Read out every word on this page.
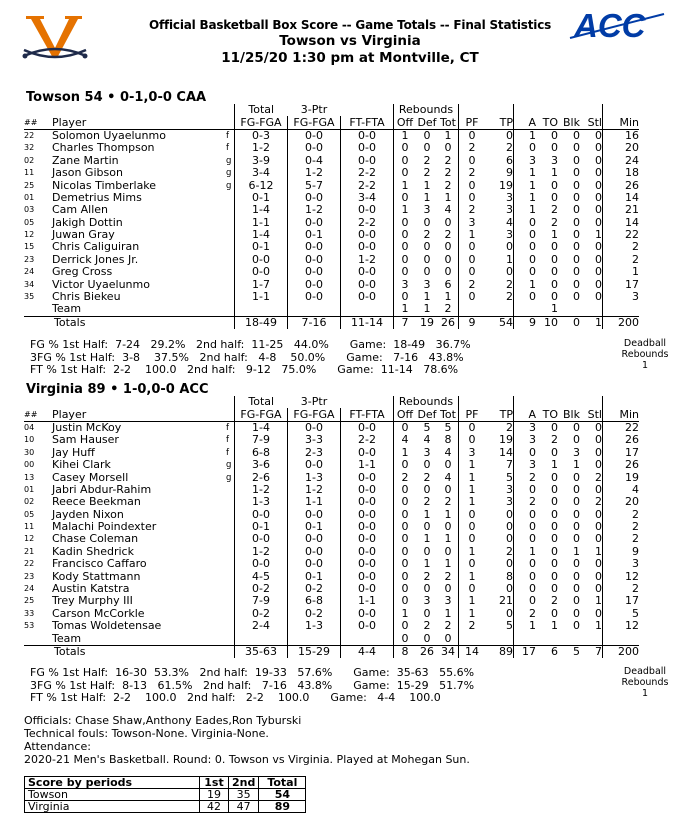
Official Basketball Box Score -- Game Totals -- Final Statistics
Towson vs Virginia
11/25/20 1:30 pm at Montville, CT
ACC
Towson 54 • 0-1,0-0 CAA
			Total	3-Ptr		Rebounds									
##	Player		FG-FGA	FG-FGA	FT-FTA	Off	Def	Tot	PF	TP	A	TO	Blk	Stl	Min
22	Solomon Uyaelunmo	f	0-3	0-0	0-0	1	0	1	0	0	1	0	0	0	16
32	Charles Thompson	f	1-2	0-0	0-0	0	0	0	2	2	0	0	0	0	20
02	Zane Martin	g	3-9	0-4	0-0	0	2	2	0	6	3	3	0	0	24
11	Jason Gibson	g	3-4	1-2	2-2	0	2	2	2	9	1	1	0	0	18
25	Nicolas Timberlake	g	6-12	5-7	2-2	1	1	2	0	19	1	0	0	0	26
01	Demetrius Mims		0-1	0-0	3-4	0	1	1	0	3	1	0	0	0	14
03	Cam Allen		1-4	1-2	0-0	1	3	4	2	3	1	2	0	0	21
05	Jakigh Dottin		1-1	0-0	2-2	0	0	0	3	4	0	2	0	0	14
12	Juwan Gray		1-4	0-1	0-0	0	2	2	1	3	0	1	0	1	22
15	Chris Caliguiran		0-1	0-0	0-0	0	0	0	0	0	0	0	0	0	2
23	Derrick Jones Jr.		0-0	0-0	1-2	0	0	0	0	1	0	0	0	0	2
24	Greg Cross		0-0	0-0	0-0	0	0	0	0	0	0	0	0	0	1
34	Victor Uyaelunmo		1-7	0-0	0-0	3	3	6	2	2	1	0	0	0	17
35	Chris Biekeu		1-1	0-0	0-0	0	1	1	0	2	0	0	0	0	3
	Team					1	1	2				1			
	Totals		18-49	7-16	11-14	7	19	26	9	54	9	10	0	1	200
FG % 1st Half:  7-24   29.2%   2nd half:  11-25   44.0%      Game:  18-49   36.7%
3FG % 1st Half:  3-8    37.5%   2nd half:   4-8    50.0%      Game:   7-16   43.8%
FT % 1st Half:  2-2    100.0   2nd half:   9-12   75.0%      Game:  11-14   78.6%
Deadball
Rebounds
1
Virginia 89 • 1-0,0-0 ACC
			Total	3-Ptr		Rebounds									
##	Player		FG-FGA	FG-FGA	FT-FTA	Off	Def	Tot	PF	TP	A	TO	Blk	Stl	Min
04	Justin McKoy	f	1-4	0-0	0-0	0	5	5	0	2	3	0	0	0	22
10	Sam Hauser	f	7-9	3-3	2-2	4	4	8	0	19	3	2	0	0	26
30	Jay Huff	f	6-8	2-3	0-0	1	3	4	3	14	0	0	3	0	17
00	Kihei Clark	g	3-6	0-0	1-1	0	0	0	1	7	3	1	1	0	26
13	Casey Morsell	g	2-6	1-3	0-0	2	2	4	1	5	2	0	0	2	19
01	Jabri Abdur-Rahim		1-2	1-2	0-0	0	0	0	1	3	0	0	0	0	4
02	Reece Beekman		1-3	1-1	0-0	0	2	2	1	3	2	0	0	2	20
05	Jayden Nixon		0-0	0-0	0-0	0	1	1	0	0	0	0	0	0	2
11	Malachi Poindexter		0-1	0-1	0-0	0	0	0	0	0	0	0	0	0	2
12	Chase Coleman		0-0	0-0	0-0	0	1	1	0	0	0	0	0	0	2
21	Kadin Shedrick		1-2	0-0	0-0	0	0	0	1	2	1	0	1	1	9
22	Francisco Caffaro		0-0	0-0	0-0	0	1	1	0	0	0	0	0	0	3
23	Kody Stattmann		4-5	0-1	0-0	0	2	2	1	8	0	0	0	0	12
24	Austin Katstra		0-2	0-2	0-0	0	0	0	0	0	0	0	0	0	2
25	Trey Murphy III		7-9	6-8	1-1	0	3	3	1	21	0	2	0	1	17
33	Carson McCorkle		0-2	0-2	0-0	1	0	1	1	0	2	0	0	0	5
53	Tomas Woldetensae		2-4	1-3	0-0	0	2	2	2	5	1	1	0	1	12
	Team					0	0	0							
	Totals		35-63	15-29	4-4	8	26	34	14	89	17	6	5	7	200
FG % 1st Half:  16-30  53.3%   2nd half:  19-33   57.6%      Game:  35-63   55.6%
3FG % 1st Half:  8-13   61.5%   2nd half:   7-16   43.8%      Game:  15-29   51.7%
FT % 1st Half:  2-2    100.0   2nd half:   2-2    100.0      Game:   4-4    100.0
Deadball
Rebounds
1
Officials: Chase Shaw,Anthony Eades,Ron Tyburski
Technical fouls: Towson-None. Virginia-None.
Attendance:
2020-21 Men's Basketball. Round: 0. Towson vs Virginia. Played at Mohegan Sun.
Score by periods	1st	2nd	Total
Towson	19	35	54
Virginia	42	47	89
